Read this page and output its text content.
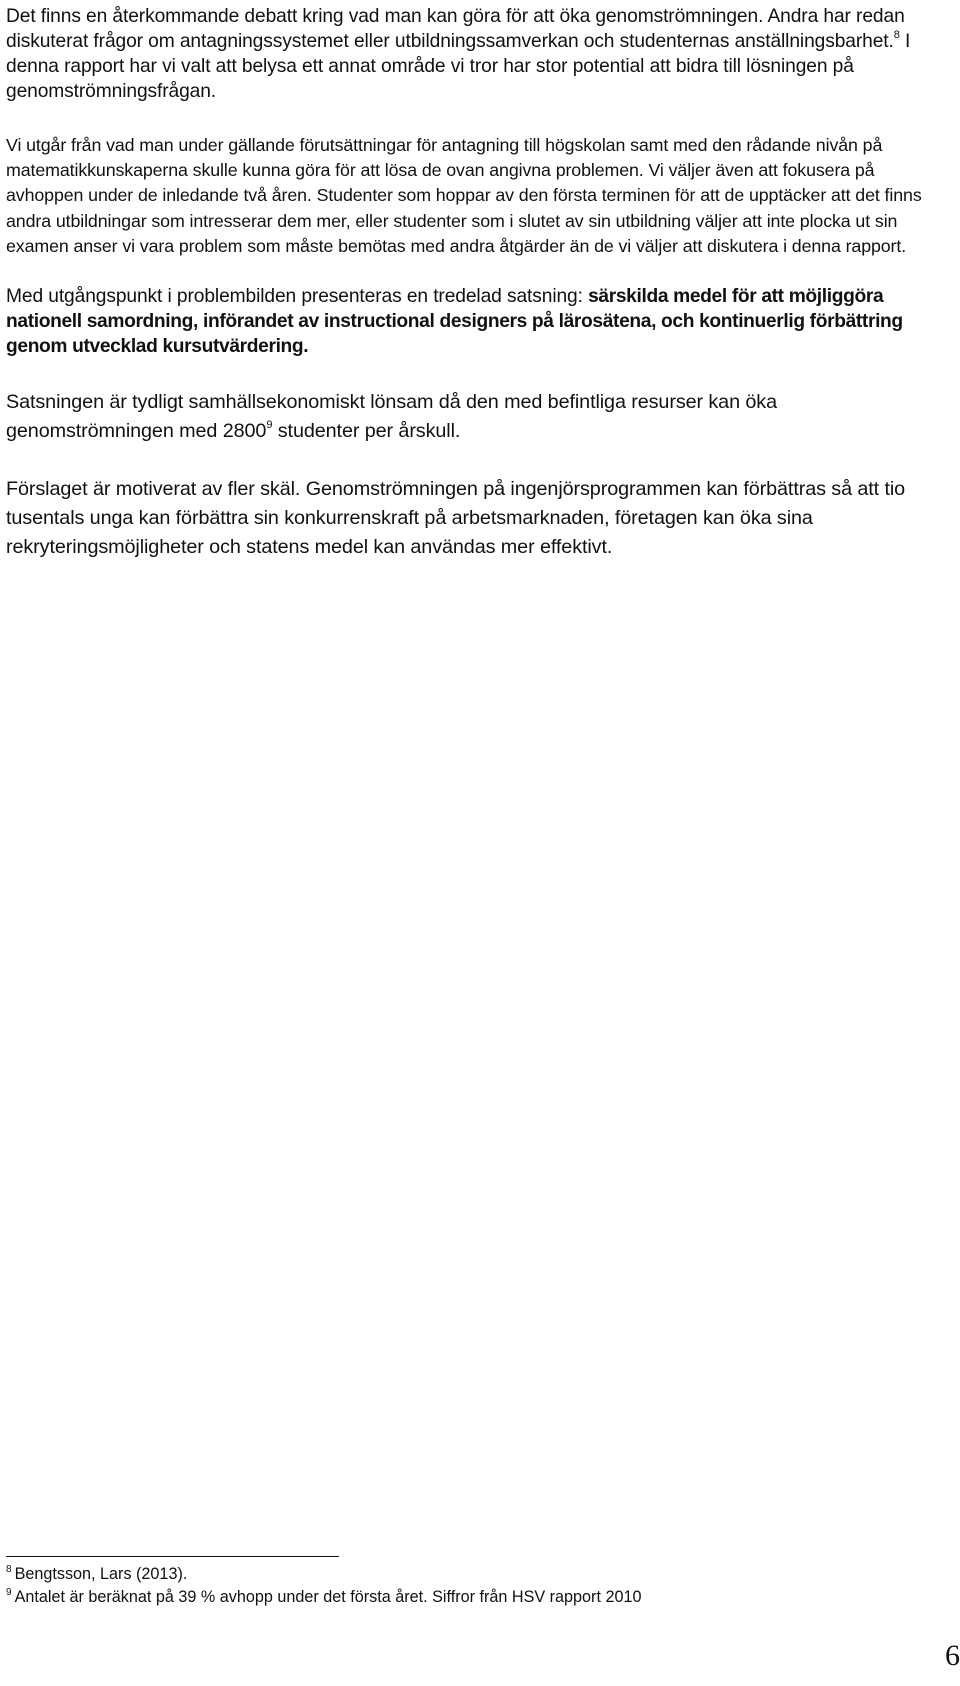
Det finns en återkommande debatt kring vad man kan göra för att öka genomströmningen. Andra har redan diskuterat frågor om antagningssystemet eller utbildningssamverkan och studenternas anställningsbarhet.$^8$ I denna rapport har vi valt att belysa ett annat område vi tror har stor potential att bidra till lösningen på genomströmningsfrågan.

Vi utgår från vad man under gällande förutsättningar för antagning till högskolan samt med den rådande nivån på matematikkunskaperna skulle kunna göra för att lösa de ovan angivna problemen. Vi väljer även att fokusera på avhoppen under de inledande två åren. Studenter som hoppar av den första terminen för att de upptäcker att det finns andra utbildningar som intresserar dem mer, eller studenter som i slutet av sin utbildning väljer att inte plocka ut sin examen anser vi vara problem som måste bemötas med andra åtgärder än de vi väljer att diskutera i denna rapport.

Med utgångspunkt i problembilden presenteras en tredelad satsning: särskilda medel för att möjliggöra nationell samordning, införandet av instructional designers på lärosätena, och kontinuerlig förbättring genom utvecklad kursutvärdering.

Satsningen är tydligt samhällsekonomiskt lönsam då den med befintliga resurser kan öka genomströmningen med 2800$^9$ studenter per årskull.

Förslaget är motiverat av fler skäl. Genomströmningen på ingenjörsprogrammen kan förbättras så att tio tusentals unga kan förbättra sin konkurrenskraft på arbetsmarknaden, företagen kan öka sina rekryteringsmöjligheter och statens medel kan användas mer effektivt.

$^8$ Bengtsson, Lars (2013).

$^9$ Antalet är beräknat på 39 % avhopp under det första året. Siffror från HSV rapport 2010

6
